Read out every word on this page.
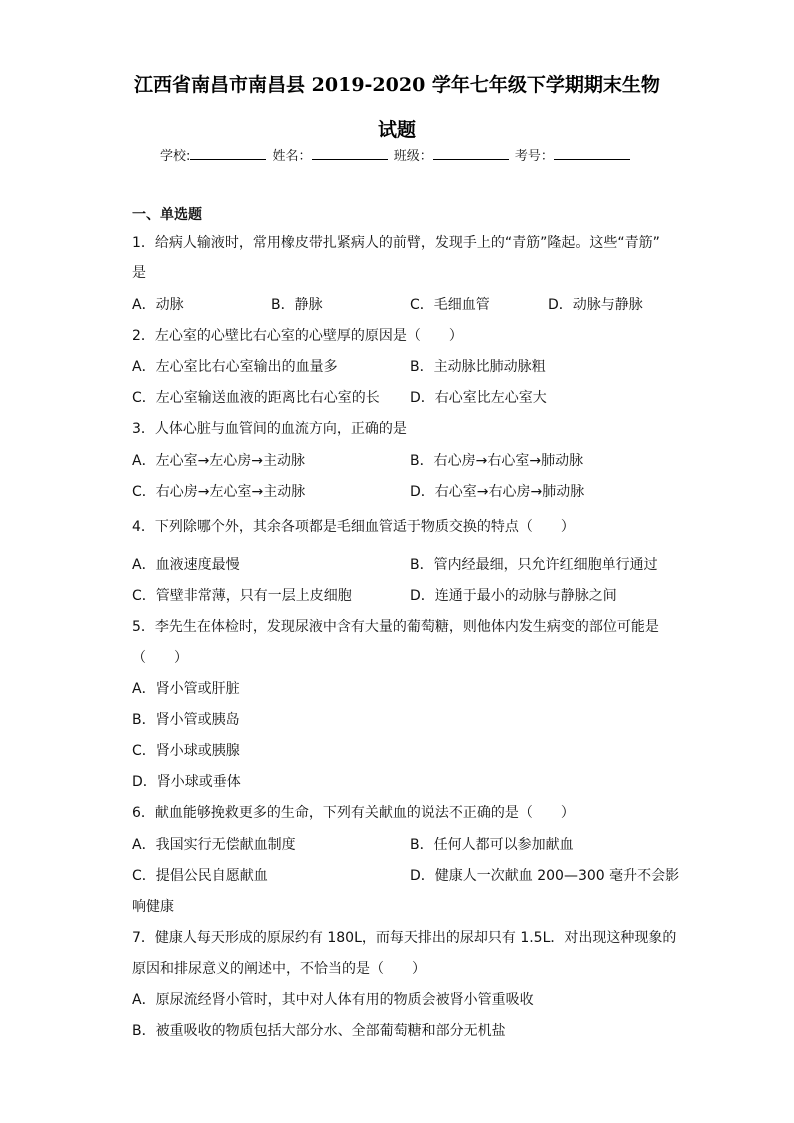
江西省南昌市南昌县 2019-2020 学年七年级下学期期末生物
试题
学校:	姓名：	班级：	考号：
一、单选题
1．给病人输液时，常用橡皮带扎紧病人的前臂，发现手上的“青筋”隆起。这些“青筋”
是
A．动脉	B．静脉	C．毛细血管	D．动脉与静脉
2．左心室的心壁比右心室的心壁厚的原因是（　　）
A．左心室比右心室输出的血量多	B．主动脉比肺动脉粗
C．左心室输送血液的距离比右心室的长 D．右心室比左心室大
3．人体心脏与血管间的血流方向，正确的是
A．左心室→左心房→主动脉	B．右心房→右心室→肺动脉
C．右心房→左心室→主动脉	D．右心室→右心房→肺动脉
4．下列除哪个外，其余各项都是毛细血管适于物质交换的特点（　　）
A．血液速度最慢	B．管内经最细，只允许红细胞单行通过
C．管壁非常薄，只有一层上皮细胞	D．连通于最小的动脉与静脉之间
5．李先生在体检时，发现尿液中含有大量的葡萄糖，则他体内发生病变的部位可能是
（　　）
A．肾小管或肝脏
B．肾小管或胰岛
C．肾小球或胰腺
D．肾小球或垂体
6．献血能够挽救更多的生命，下列有关献血的说法不正确的是（　　）
A．我国实行无偿献血制度	B．任何人都可以参加献血
C．提倡公民自愿献血	D．健康人一次献血 200—300 毫升不会影
响健康
7．健康人每天形成的原尿约有 180L，而每天排出的尿却只有 1.5L．对出现这种现象的
原因和排尿意义的阐述中，不恰当的是（　　）
A．原尿流经肾小管时，其中对人体有用的物质会被肾小管重吸收
B．被重吸收的物质包括大部分水、全部葡萄糖和部分无机盐
